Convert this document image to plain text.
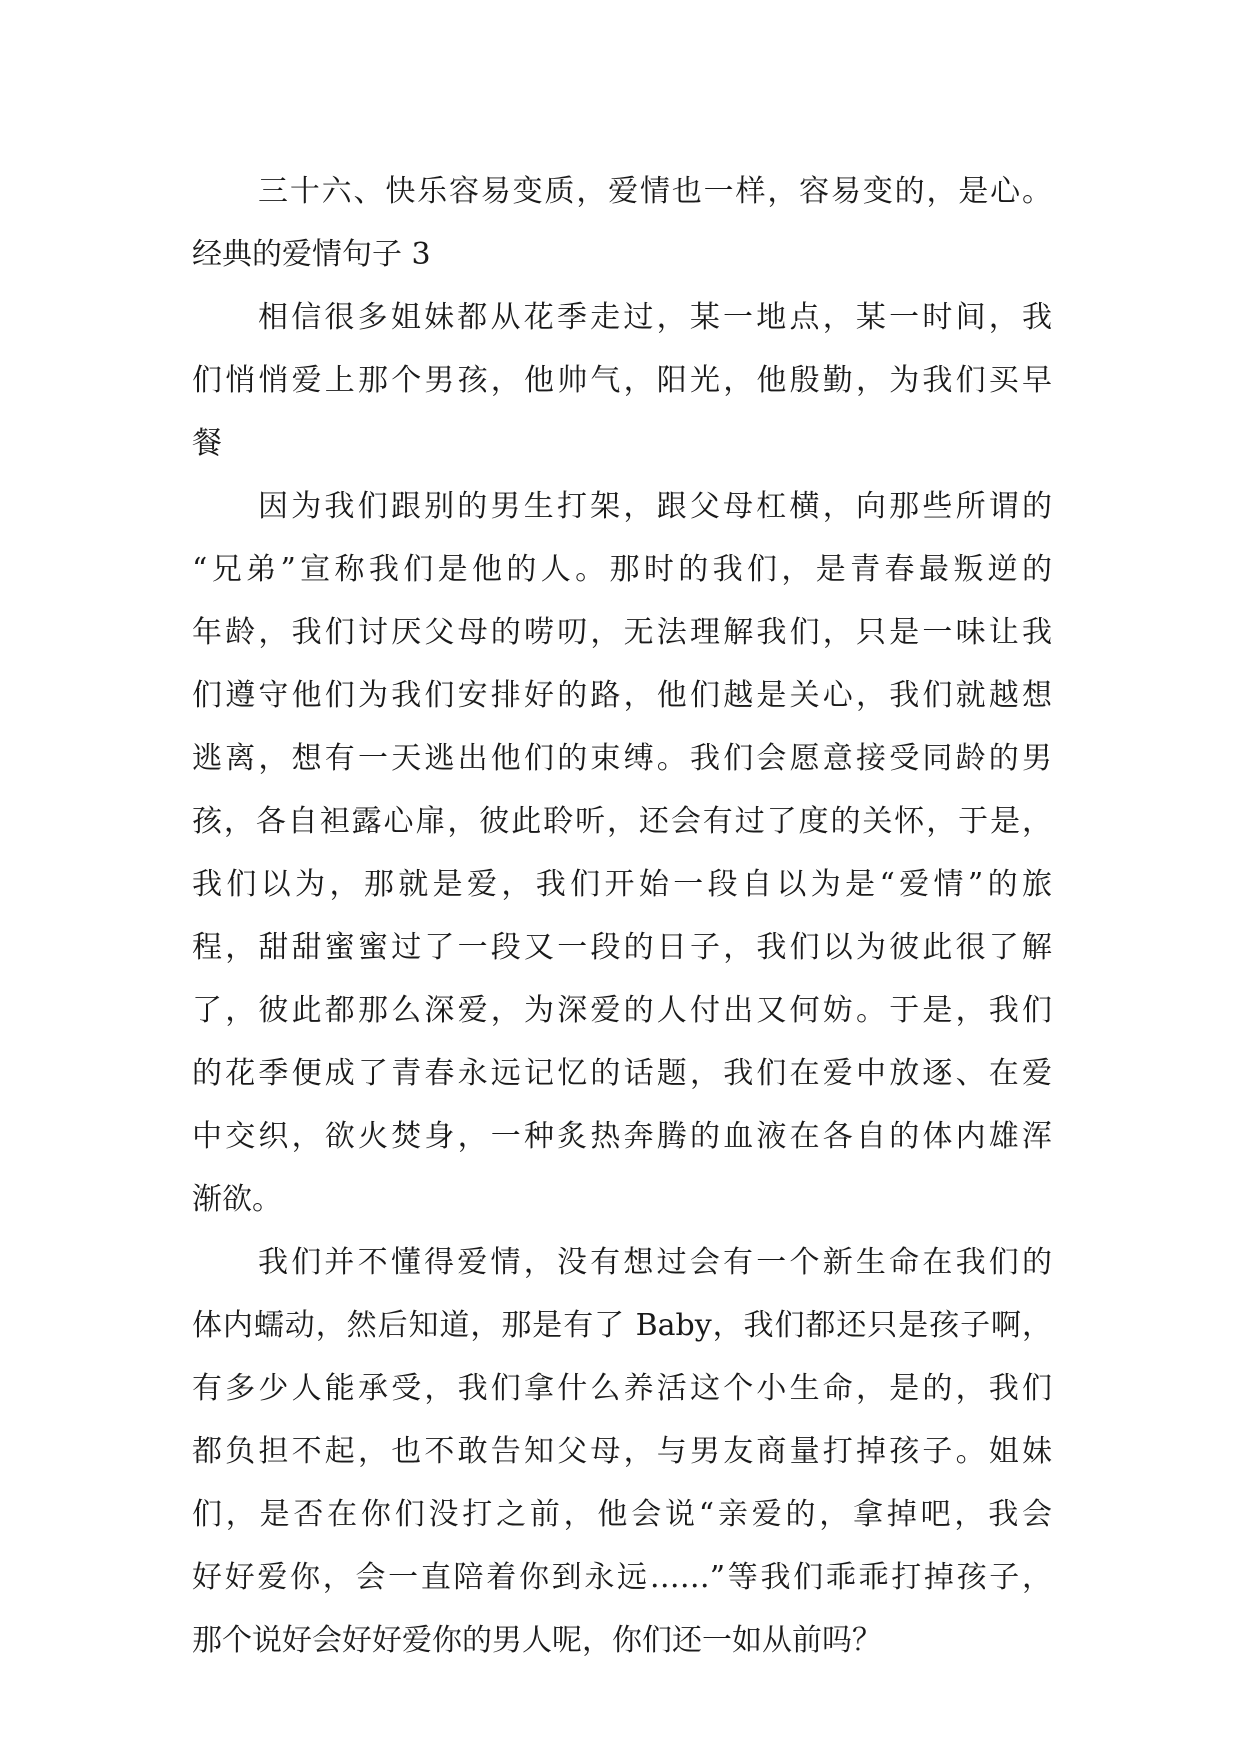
三十六、快乐容易变质，爱情也一样，容易变的，是心。
经典的爱情句子 3
相信很多姐妹都从花季走过，某一地点，某一时间，我
们悄悄爱上那个男孩，他帅气，阳光，他殷勤，为我们买早
餐
因为我们跟别的男生打架，跟父母杠横，向那些所谓的
“兄弟”宣称我们是他的人。那时的我们，是青春最叛逆的
年龄，我们讨厌父母的唠叨，无法理解我们，只是一味让我
们遵守他们为我们安排好的路，他们越是关心，我们就越想
逃离，想有一天逃出他们的束缚。我们会愿意接受同龄的男
孩，各自袒露心扉，彼此聆听，还会有过了度的关怀，于是，
我们以为，那就是爱，我们开始一段自以为是“爱情”的旅
程，甜甜蜜蜜过了一段又一段的日子，我们以为彼此很了解
了，彼此都那么深爱，为深爱的人付出又何妨。于是，我们
的花季便成了青春永远记忆的话题，我们在爱中放逐、在爱
中交织，欲火焚身，一种炙热奔腾的血液在各自的体内雄浑
渐欲。
我们并不懂得爱情，没有想过会有一个新生命在我们的
体内蠕动，然后知道，那是有了 Baby，我们都还只是孩子啊，
有多少人能承受，我们拿什么养活这个小生命，是的，我们
都负担不起，也不敢告知父母，与男友商量打掉孩子。姐妹
们，是否在你们没打之前，他会说“亲爱的，拿掉吧，我会
好好爱你，会一直陪着你到永远……”等我们乖乖打掉孩子，
那个说好会好好爱你的男人呢，你们还一如从前吗？
